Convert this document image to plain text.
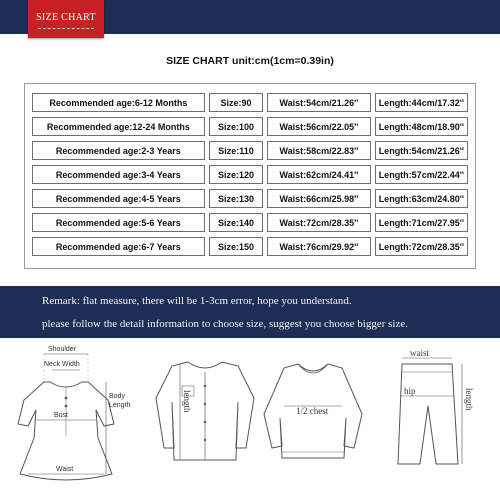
SIZE CHART
SIZE CHART unit:cm(1cm=0.39in)
Recommended age:6-12 Months	Size:90	Waist:54cm/21.26''	Length:44cm/17.32''
Recommended age:12-24 Months	Size:100	Waist:56cm/22.05''	Length:48cm/18.90''
Recommended age:2-3 Years	Size:110	Waist:58cm/22.83''	Length:54cm/21.26''
Recommended age:3-4 Years	Size:120	Waist:62cm/24.41''	Length:57cm/22.44''
Recommended age:4-5 Years	Size:130	Waist:66cm/25.98''	Length:63cm/24.80''
Recommended age:5-6 Years	Size:140	Waist:72cm/28.35''	Length:71cm/27.95''
Recommended age:6-7 Years	Size:150	Waist:76cm/29.92''	Length:72cm/28.35''
Remark: flat measure, there will be 1-3cm error, hope you understand.
please follow the detail information to choose size, suggest you choose bigger size.
Shoulder
Neck Width
Bust
Waist
Body
Length	length	1/2 chest
waist
hip	length
